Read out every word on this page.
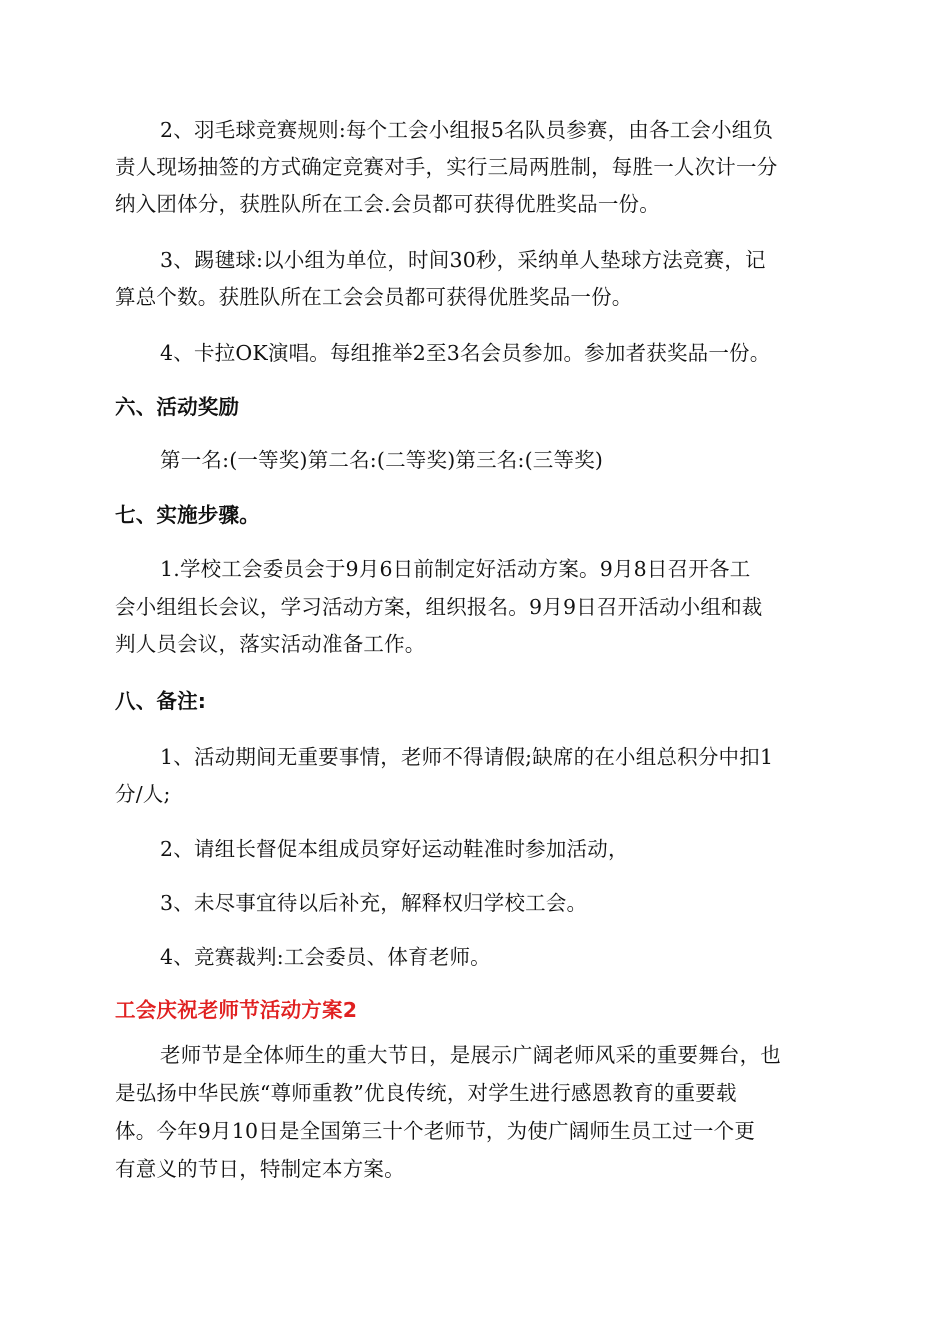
2、羽毛球竞赛规则:每个工会小组报5名队员参赛，由各工会小组负
责人现场抽签的方式确定竞赛对手，实行三局两胜制，每胜一人次计一分
纳入团体分，获胜队所在工会.会员都可获得优胜奖品一份。
3、踢毽球:以小组为单位，时间30秒，采纳单人垫球方法竞赛，记
算总个数。获胜队所在工会会员都可获得优胜奖品一份。
4、卡拉OK演唱。每组推举2至3名会员参加。参加者获奖品一份。
六、活动奖励
第一名:(一等奖)第二名:(二等奖)第三名:(三等奖)
七、实施步骤。
1.学校工会委员会于9月6日前制定好活动方案。9月8日召开各工
会小组组长会议，学习活动方案，组织报名。9月9日召开活动小组和裁
判人员会议，落实活动准备工作。
八、备注:
1、活动期间无重要事情，老师不得请假;缺席的在小组总积分中扣1
分/人;
2、请组长督促本组成员穿好运动鞋准时参加活动，
3、未尽事宜待以后补充，解释权归学校工会。
4、竞赛裁判:工会委员、体育老师。
工会庆祝老师节活动方案2
老师节是全体师生的重大节日，是展示广阔老师风采的重要舞台，也
是弘扬中华民族“尊师重教”优良传统，对学生进行感恩教育的重要载
体。今年9月10日是全国第三十个老师节，为使广阔师生员工过一个更
有意义的节日，特制定本方案。
